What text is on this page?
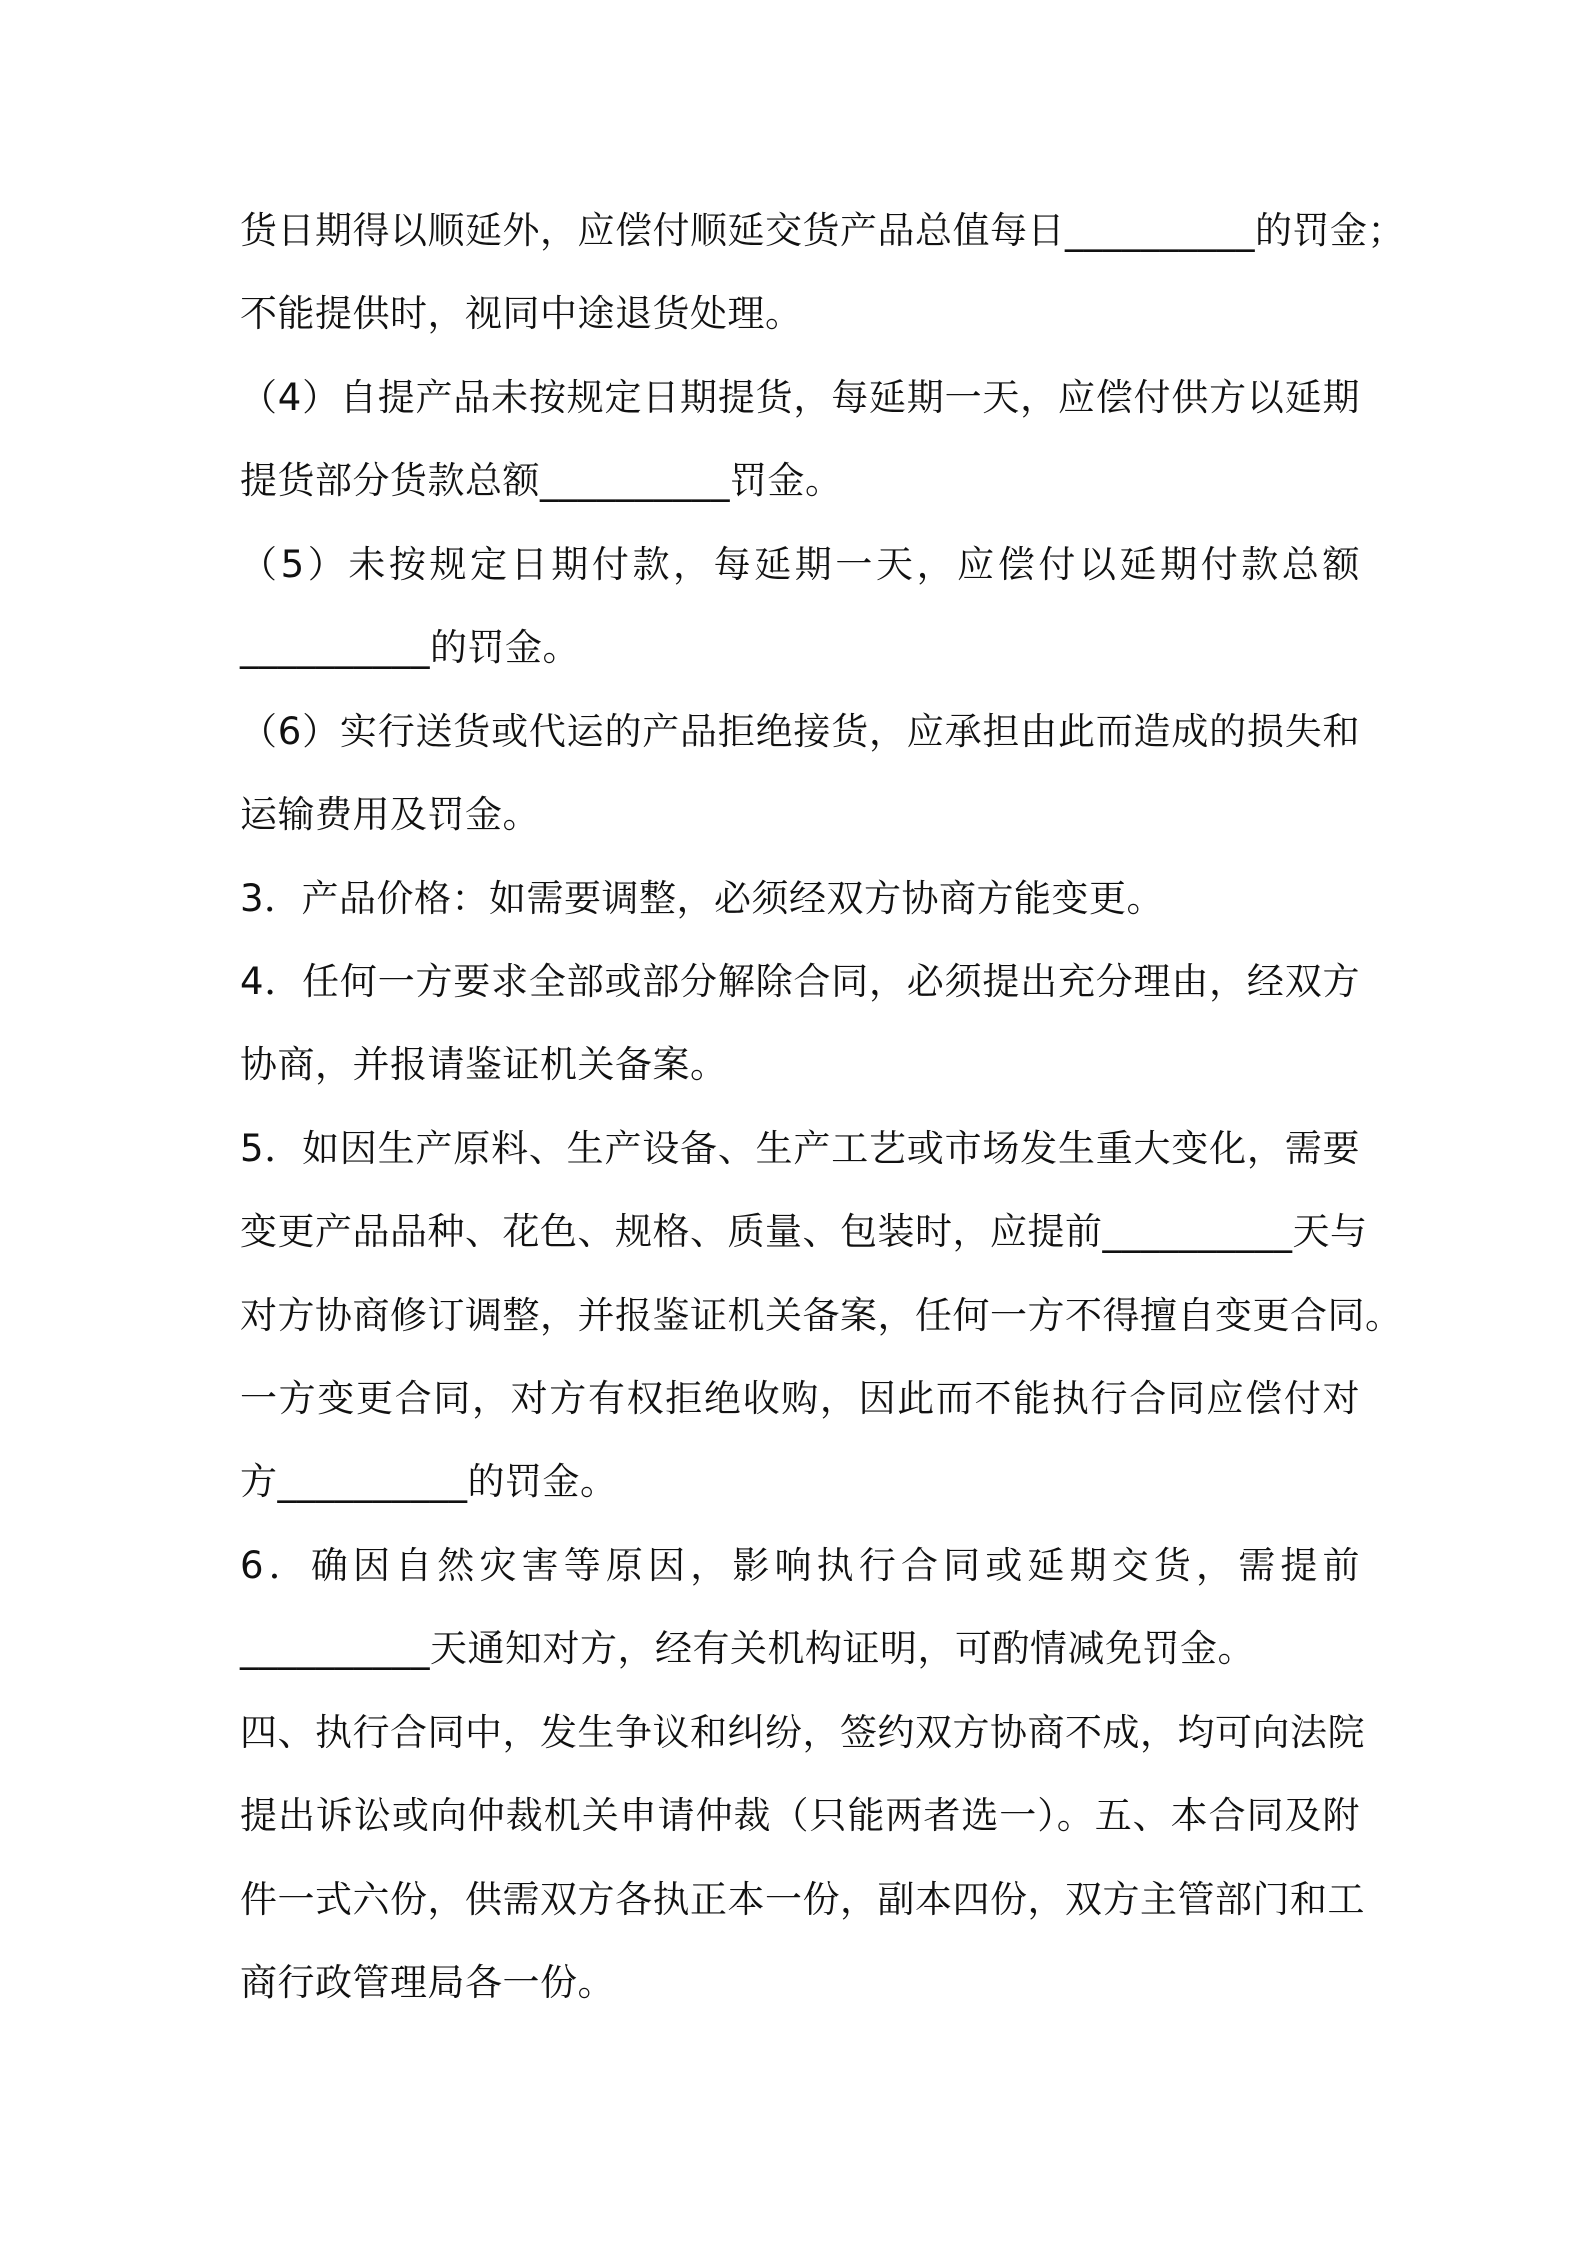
货日期得以顺延外，应偿付顺延交货产品总值每日__________的罚金；
不能提供时，视同中途退货处理。
（4）自提产品未按规定日期提货，每延期一天，应偿付供方以延期
提货部分货款总额__________罚金。
（5）未按规定日期付款，每延期一天，应偿付以延期付款总额
__________的罚金。
（6）实行送货或代运的产品拒绝接货，应承担由此而造成的损失和
运输费用及罚金。
3．产品价格：如需要调整，必须经双方协商方能变更。
4．任何一方要求全部或部分解除合同，必须提出充分理由，经双方
协商，并报请鉴证机关备案。
5．如因生产原料、生产设备、生产工艺或市场发生重大变化，需要
变更产品品种、花色、规格、质量、包装时，应提前__________天与
对方协商修订调整，并报鉴证机关备案，任何一方不得擅自变更合同。
一方变更合同，对方有权拒绝收购，因此而不能执行合同应偿付对
方__________的罚金。
6．确因自然灾害等原因，影响执行合同或延期交货，需提前
__________天通知对方，经有关机构证明，可酌情减免罚金。
四、执行合同中，发生争议和纠纷，签约双方协商不成，均可向法院
提出诉讼或向仲裁机关申请仲裁（只能两者选一）。五、本合同及附
件一式六份，供需双方各执正本一份，副本四份，双方主管部门和工
商行政管理局各一份。
